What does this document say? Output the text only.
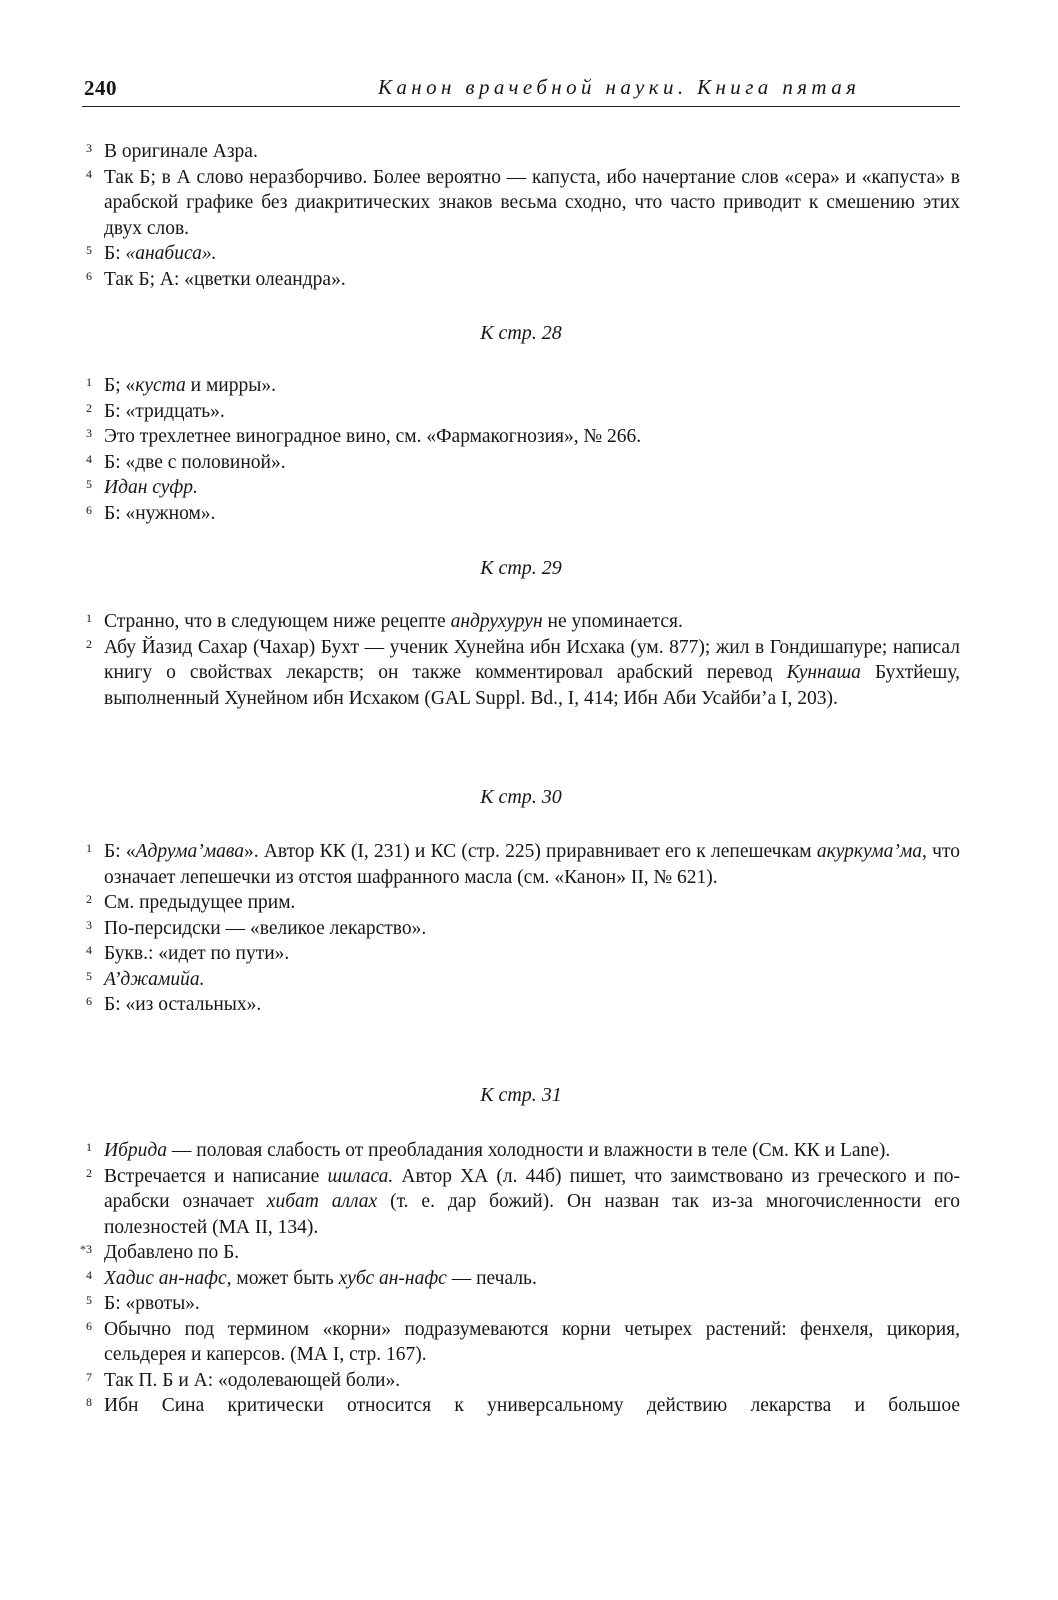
240	Канон врачебной науки. Книга пятая
3 В оригинале Азра.
4 Так Б; в А слово неразборчиво. Более вероятно — капуста, ибо начертание слов «сера» и «капуста» в арабской графике без диакритических знаков весьма сходно, что часто приводит к смешению этих двух слов.
5 Б: «анабиса».
6 Так Б; А: «цветки олеандра».
К стр. 28
1 Б; «куста и мирры».
2 Б: «тридцать».
3 Это трехлетнее виноградное вино, см. «Фармакогнозия», № 266.
4 Б: «две с половиной».
5 Идан суфр.
6 Б: «нужном».
К стр. 29
1 Странно, что в следующем ниже рецепте андрухурун не упоминается.
2 Абу Йазид Сахар (Чахар) Бухт — ученик Хунейна ибн Исхака (ум. 877); жил в Гондишапуре; написал книгу о свойствах лекарств; он также комментировал арабский перевод Куннаша Бухтйешу, выполненный Хунейном ибн Исхаком (GAL Suppl. Bd., I, 414; Ибн Аби Усайби’а I, 203).
К стр. 30
1 Б: «Адрума’мава». Автор КК (I, 231) и КС (стр. 225) приравнивает его к лепешечкам акуркума’ма, что означает лепешечки из отстоя шафранного масла (см. «Канон» II, № 621).
2 См. предыдущее прим.
3 По-персидски — «великое лекарство».
4 Букв.: «идет по пути».
5 А’джамийа.
6 Б: «из остальных».
К стр. 31
1 Ибрида — половая слабость от преобладания холодности и влажности в теле (См. КК и Lane).
2 Встречается и написание шиласа. Автор ХА (л. 44б) пишет, что заимствовано из греческого и по-арабски означает хибат аллах (т. е. дар божий). Он назван так из-за многочисленности его полезностей (МА II, 134).
*3 Добавлено по Б.
4 Хадис ан-нафс, может быть хубс ан-нафс — печаль.
5 Б: «рвоты».
6 Обычно под термином «корни» подразумеваются корни четырех растений: фенхеля, цикория, сельдерея и каперсов. (МА I, стр. 167).
7 Так П. Б и А: «одолевающей боли».
8 Ибн Сина критически относится к универсальному действию лекарства и большое
